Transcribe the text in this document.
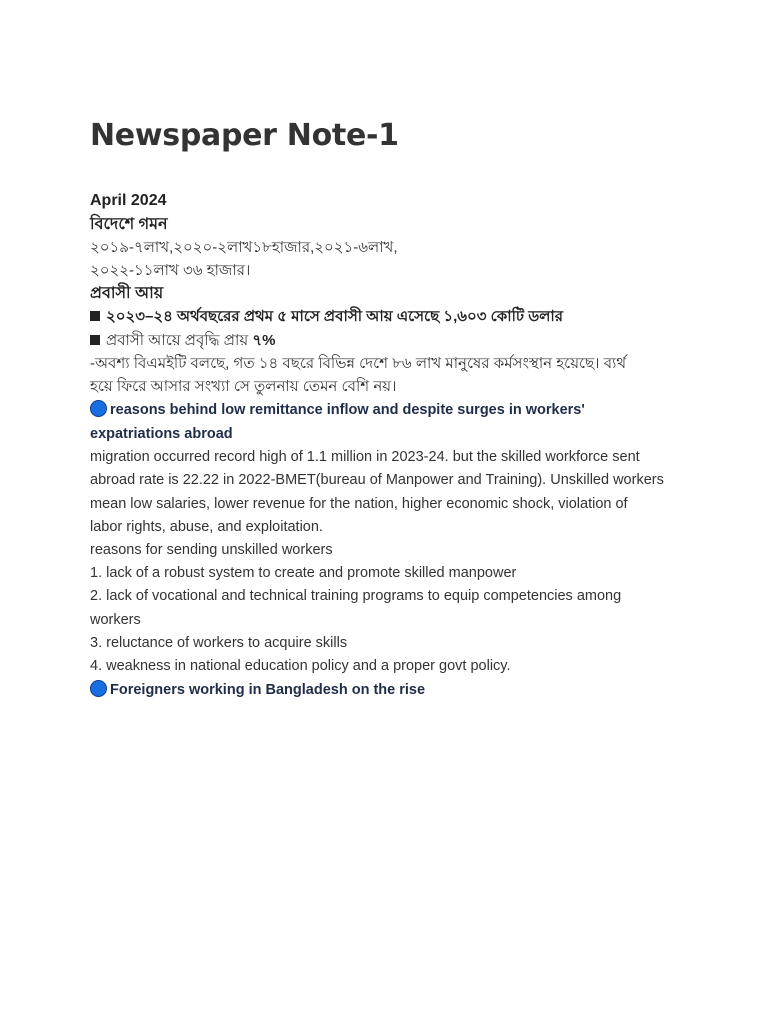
Newspaper Note-1
April 2024
বিদেশে গমন
২০১৯-৭লাখ,২০২০-২লাখ১৮হাজার,২০২১-৬লাখ,
২০২২-১১লাখ ৩৬ হাজার।
প্রবাসী আয়
২০২৩–২৪ অর্থবছরের প্রথম ৫ মাসে প্রবাসী আয় এসেছে ১,৬০৩ কোটি ডলার
প্রবাসী আয়ে প্রবৃদ্ধি প্রায় ৭%
-অবশ্য বিএমইটি বলছে, গত ১৪ বছরে বিভিন্ন দেশে ৮৬ লাখ মানুষের কর্মসংস্থান হয়েছে। ব্যর্থ
হয়ে ফিরে আসার সংখ্যা সে তুলনায় তেমন বেশি নয়।
reasons behind low remittance inflow and despite surges in workers'
expatriations abroad
migration occurred record high of 1.1 million in 2023-24. but the skilled workforce sent
abroad rate is 22.22 in 2022-BMET(bureau of Manpower and Training). Unskilled workers
mean low salaries, lower revenue for the nation, higher economic shock, violation of
labor rights, abuse, and exploitation.
reasons for sending unskilled workers
1. lack of a robust system to create and promote skilled manpower
2. lack of vocational and technical training programs to equip competencies among
workers
3. reluctance of workers to acquire skills
4. weakness in national education policy and a proper govt policy.
Foreigners working in Bangladesh on the rise
